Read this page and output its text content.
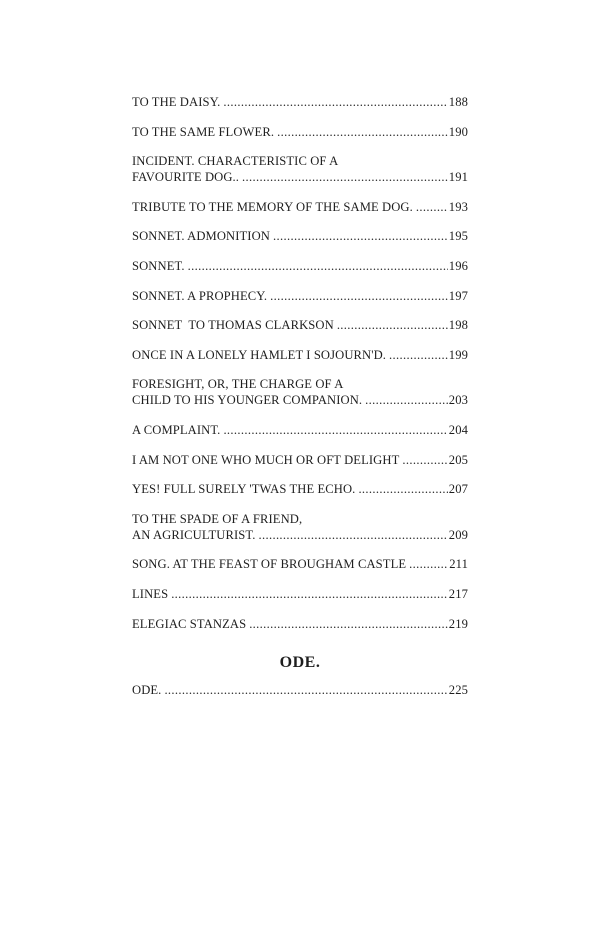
TO THE DAISY. . . .	188
TO THE SAME FLOWER. . . .	190
INCIDENT. CHARACTERISTIC OF A
FAVOURITE DOG.. . . .	191
TRIBUTE TO THE MEMORY OF THE SAME DOG. . . .	193
SONNET. ADMONITION . . .	195
SONNET. . . .	196
SONNET. A PROPHECY. . . .	197
SONNET  TO THOMAS CLARKSON . . .	198
ONCE IN A LONELY HAMLET I SOJOURN'D. . . .	199
FORESIGHT, OR, THE CHARGE OF A
CHILD TO HIS YOUNGER COMPANION. . . .	203
A COMPLAINT. . . .	204
I AM NOT ONE WHO MUCH OR OFT DELIGHT . . .	205
YES! FULL SURELY 'TWAS THE ECHO. . . .	207
TO THE SPADE OF A FRIEND,
AN AGRICULTURIST. . . .	209
SONG. AT THE FEAST OF BROUGHAM CASTLE . . .	211
LINES . . .	217
ELEGIAC STANZAS . . .	219
ODE.
ODE. . . .	225
